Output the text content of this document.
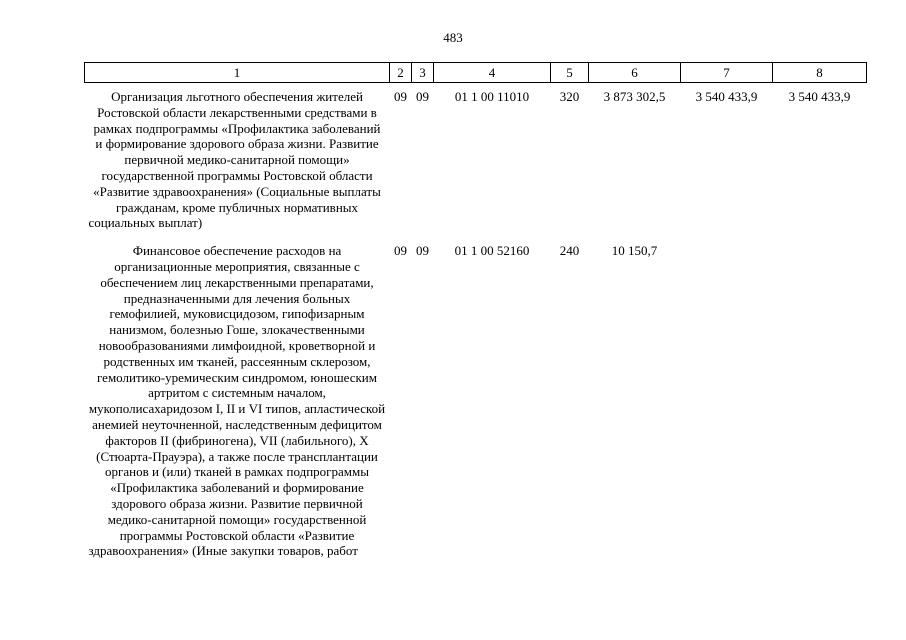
483
1	2	3	4	5	6	7	8
Организация льготного обеспечения жителей Ростовской области лекарственными средствами в рамках подпрограммы «Профилактика заболеваний и формирование здорового образа жизни. Развитие первичной медико-санитарной помощи» государственной программы Ростовской области «Развитие здравоохранения» (Социальные выплаты гражданам, кроме публичных нормативных социальных выплат)	09	09	01 1 00 11010	320	3 873 302,5	3 540 433,9	3 540 433,9
Финансовое обеспечение расходов на организационные мероприятия, связанные с обеспечением лиц лекарственными препаратами, предназначенными для лечения больных гемофилией, муковисцидозом, гипофизарным нанизмом, болезнью Гоше, злокачественными новообразованиями лимфоидной, кроветворной и родственных им тканей, рассеянным склерозом, гемолитико-уремическим синдромом, юношеским артритом с системным началом, мукополисахаридозом I, II и VI типов, апластической анемией неуточненной, наследственным дефицитом факторов II (фибриногена), VII (лабильного), X (Стюарта-Прауэра), а также после трансплантации органов и (или) тканей в рамках подпрограммы «Профилактика заболеваний и формирование здорового образа жизни. Развитие первичной медико-санитарной помощи» государственной программы Ростовской области «Развитие здравоохранения» (Иные закупки товаров, работ	09	09	01 1 00 52160	240	10 150,7		
